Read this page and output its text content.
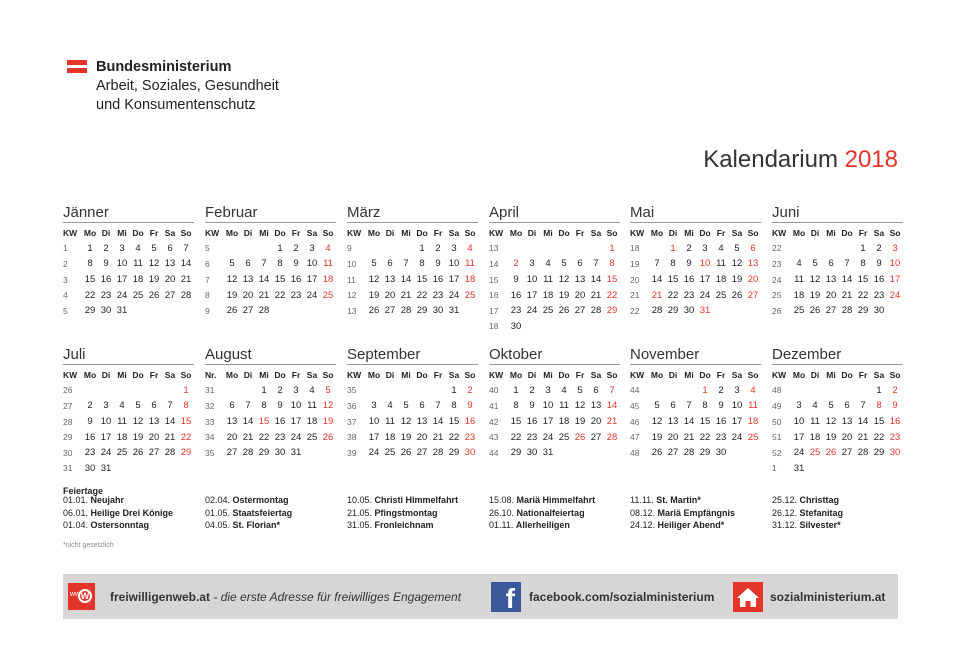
Bundesministerium
Arbeit, Soziales, Gesundheit
und Konsumentenschutz
Kalendarium 2018
Jänner
KW	Mo	Di	Mi	Do	Fr	Sa	So
1	1	2	3	4	5	6	7
2	8	9	10	11	12	13	14
3	15	16	17	18	19	20	21
4	22	23	24	25	26	27	28
5	29	30	31				
Februar
KW	Mo	Di	Mi	Do	Fr	Sa	So
5				1	2	3	4
6	5	6	7	8	9	10	11
7	12	13	14	15	16	17	18
8	19	20	21	22	23	24	25
9	26	27	28				
März
KW	Mo	Di	Mi	Do	Fr	Sa	So
9				1	2	3	4
10	5	6	7	8	9	10	11
11	12	13	14	15	16	17	18
12	19	20	21	22	23	24	25
13	26	27	28	29	30	31	
April
KW	Mo	Di	Mi	Do	Fr	Sa	So
13							1
14	2	3	4	5	6	7	8
15	9	10	11	12	13	14	15
16	16	17	18	19	20	21	22
17	23	24	25	26	27	28	29
18	30						
Mai
KW	Mo	Di	Mi	Do	Fr	Sa	So
18		1	2	3	4	5	6
19	7	8	9	10	11	12	13
20	14	15	16	17	18	19	20
21	21	22	23	24	25	26	27
22	28	29	30	31			
Juni
KW	Mo	Di	Mi	Do	Fr	Sa	So
22					1	2	3
23	4	5	6	7	8	9	10
24	11	12	13	14	15	16	17
25	18	19	20	21	22	23	24
26	25	26	27	28	29	30	
Juli
KW	Mo	Di	Mi	Do	Fr	Sa	So
26							1
27	2	3	4	5	6	7	8
28	9	10	11	12	13	14	15
29	16	17	18	19	20	21	22
30	23	24	25	26	27	28	29
31	30	31					
August
Nr.	Mo	Di	Mi	Do	Fr	Sa	So
31			1	2	3	4	5
32	6	7	8	9	10	11	12
33	13	14	15	16	17	18	19
34	20	21	22	23	24	25	26
35	27	28	29	30	31		
September
KW	Mo	Di	Mi	Do	Fr	Sa	So
35						1	2
36	3	4	5	6	7	8	9
37	10	11	12	13	14	15	16
38	17	18	19	20	21	22	23
39	24	25	26	27	28	29	30
Oktober
KW	Mo	Di	Mi	Do	Fr	Sa	So
40	1	2	3	4	5	6	7
41	8	9	10	11	12	13	14
42	15	16	17	18	19	20	21
43	22	23	24	25	26	27	28
44	29	30	31				
November
KW	Mo	Di	Mi	Do	Fr	Sa	So
44				1	2	3	4
45	5	6	7	8	9	10	11
46	12	13	14	15	16	17	18
47	19	20	21	22	23	24	25
48	26	27	28	29	30		
Dezember
KW	Mo	Di	Mi	Do	Fr	Sa	So
48						1	2
49	3	4	5	6	7	8	9
50	10	11	12	13	14	15	16
51	17	18	19	20	21	22	23
52	24	25	26	27	28	29	30
1	31						
Feiertage
01.01. Neujahr
06.01. Heilige Drei Könige
01.04. Ostersonntag
02.04. Ostermontag
01.05. Staatsfeiertag
04.05. St. Florian*
10.05. Christi Himmelfahrt
21.05. Pfingstmontag
31.05. Fronleichnam
15.08. Mariä Himmelfahrt
26.10. Nationalfeiertag
01.11. Allerheiligen
11.11. St. Martin*
08.12. Mariä Empfängnis
24.12. Heiliger Abend*
25.12. Christtag
26.12. Stefanitag
31.12. Silvester*
*nicht gesetzlich
ww W freiwilligenweb.at - die erste Adresse für freiwilliges Engagement	f	facebook.com/sozialministerium	sozialministerium.at
